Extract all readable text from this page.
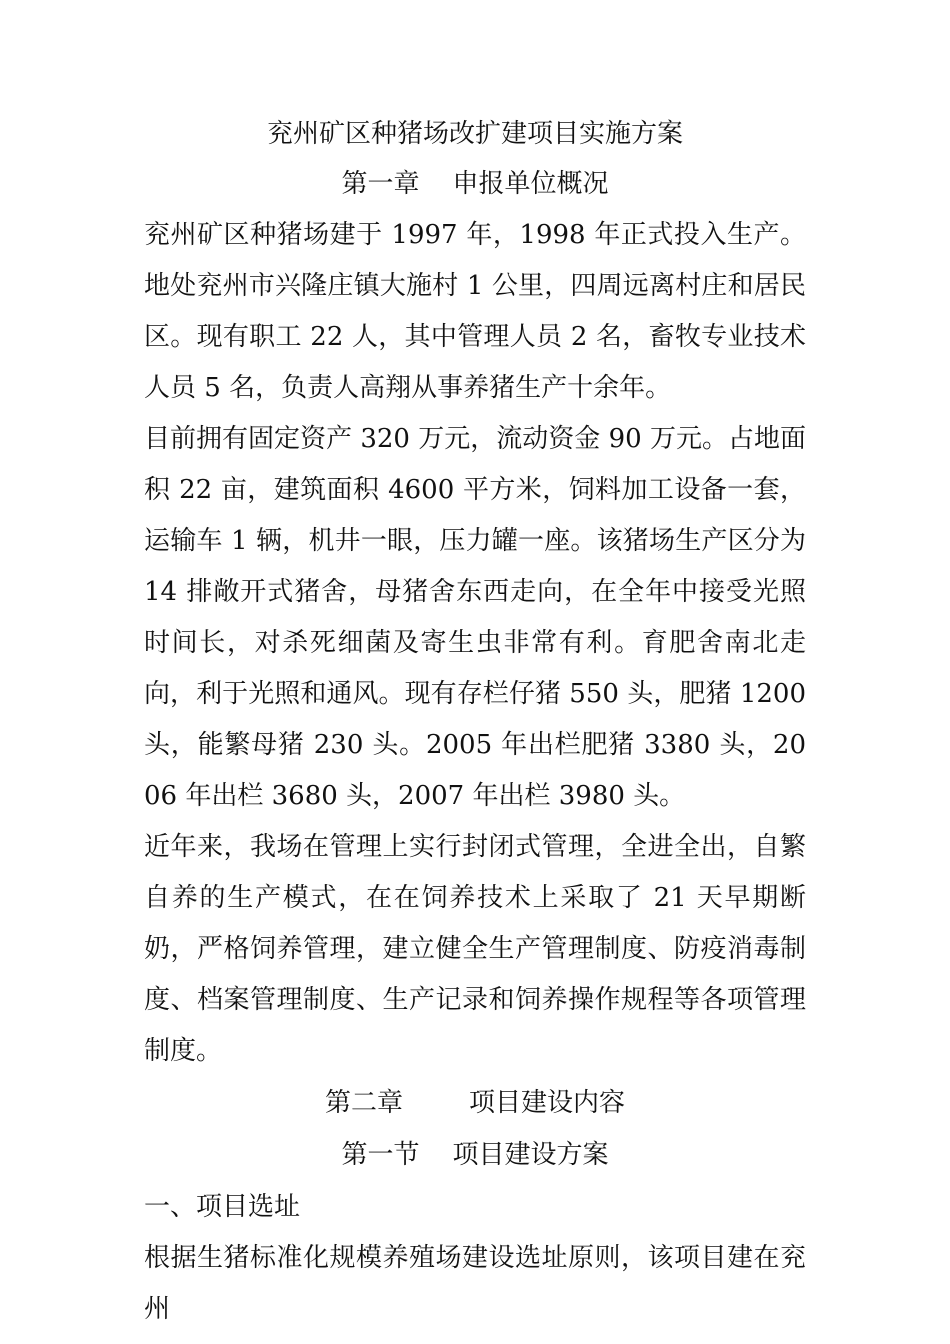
兖州矿区种猪场改扩建项目实施方案

第一章    申报单位概况

兖州矿区种猪场建于 1997 年，1998 年正式投入生产。地处兖州市兴隆庄镇大施村 1 公里，四周远离村庄和居民区。现有职工 22 人，其中管理人员 2 名，畜牧专业技术人员 5 名，负责人高翔从事养猪生产十余年。

目前拥有固定资产 320 万元，流动资金 90 万元。占地面积 22 亩，建筑面积 4600 平方米，饲料加工设备一套，运输车 1 辆，机井一眼，压力罐一座。该猪场生产区分为 14 排敞开式猪舍，母猪舍东西走向，在全年中接受光照时间长，对杀死细菌及寄生虫非常有利。育肥舍南北走向，利于光照和通风。现有存栏仔猪 550 头，肥猪 1200 头，能繁母猪 230 头。2005 年出栏肥猪 3380 头，2006 年出栏 3680 头，2007 年出栏 3980 头。

近年来，我场在管理上实行封闭式管理，全进全出，自繁自养的生产模式，在在饲养技术上采取了 21 天早期断奶，严格饲养管理，建立健全生产管理制度、防疫消毒制度、档案管理制度、生产记录和饲养操作规程等各项管理制度。

第二章        项目建设内容

第一节    项目建设方案

一、项目选址

根据生猪标准化规模养殖场建设选址原则，该项目建在兖州
